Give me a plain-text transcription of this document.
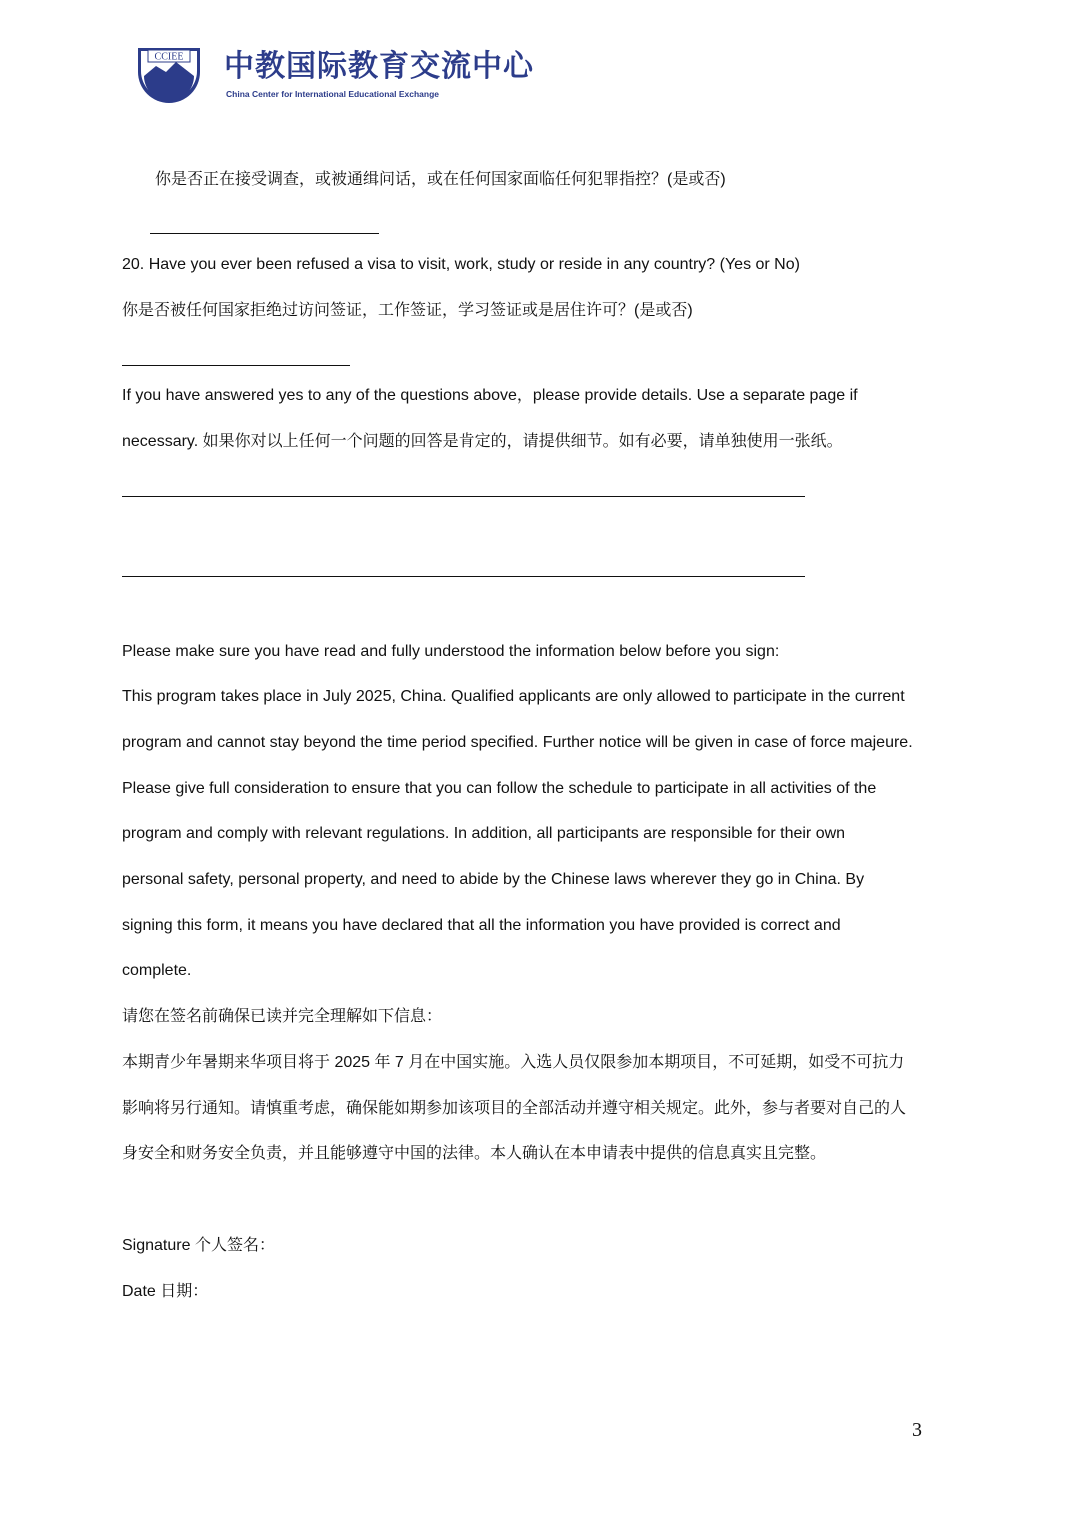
CCIEE 中教国际教育交流中心
China Center for International Educational Exchange
你是否正在接受调查，或被通缉问话，或在任何国家面临任何犯罪指控？(是或否)
20. Have you ever been refused a visa to visit, work, study or reside in any country? (Yes or No)
你是否被任何国家拒绝过访问签证，工作签证，学习签证或是居住许可？(是或否)
If you have answered yes to any of the questions above，please provide details. Use a separate page if
necessary. 如果你对以上任何一个问题的回答是肯定的，请提供细节。如有必要，请单独使用一张纸。
Please make sure you have read and fully understood the information below before you sign:
This program takes place in July 2025, China. Qualified applicants are only allowed to participate in the current
program and cannot stay beyond the time period specified. Further notice will be given in case of force majeure.
Please give full consideration to ensure that you can follow the schedule to participate in all activities of the
program and comply with relevant regulations. In addition, all participants are responsible for their own
personal safety, personal property, and need to abide by the Chinese laws wherever they go in China. By
signing this form, it means you have declared that all the information you have provided is correct and
complete.
请您在签名前确保已读并完全理解如下信息：
本期青少年暑期来华项目将于 2025 年 7 月在中国实施。入选人员仅限参加本期项目，不可延期，如受不可抗力
影响将另行通知。请慎重考虑，确保能如期参加该项目的全部活动并遵守相关规定。此外，参与者要对自己的人
身安全和财务安全负责，并且能够遵守中国的法律。本人确认在本申请表中提供的信息真实且完整。
Signature 个人签名：
Date 日期：
3
